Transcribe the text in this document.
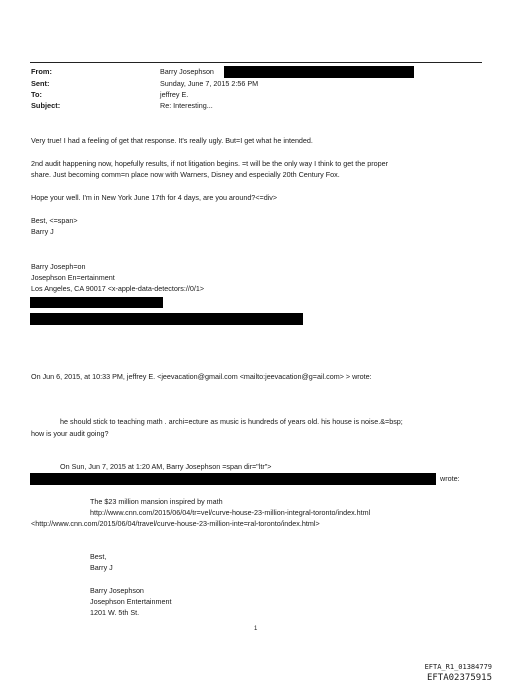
From:	Barry Josephson
Sent:	Sunday, June 7, 2015 2:56 PM
To:	jeffrey E.
Subject:	Re: Interesting...
Very true! I had a feeling of get that response. It's really ugly. But=I get what he intended.
2nd audit happening now, hopefully results, if not litigation begins. =t will be the only way I think to get the proper
share. Just becoming comm=n place now with Warners, Disney and especially 20th Century Fox.
Hope your well. I'm in New York June 17th for 4 days, are you around?<=div>
Best, <=span>
Barry J
Barry Joseph=on
Josephson En=ertainment
Los Angeles, CA 90017 <x-apple-data-detectors://0/1>
On Jun 6, 2015, at 10:33 PM, jeffrey E. <jeevacation@gmail.com <mailto:jeevacation@g=ail.com> > wrote:
he should stick to teaching math . archi=ecture as music is hundreds of years old. his house is noise.&=bsp;
how is your audit going?
On Sun, Jun 7, 2015 at 1:20 AM, Barry Josephson =span dir="ltr">
wrote:
The $23 million mansion inspired by math
http://www.cnn.com/2015/06/04/tr=vel/curve-house-23-million-integral-toronto/index.html
<http://www.cnn.com/2015/06/04/travel/curve-house-23-million-inte=ral-toronto/index.html>
Best,
Barry J
Barry Josephson
Josephson Entertainment
1201 W. 5th St.
1
EFTA_R1_01384779
EFTA02375915
